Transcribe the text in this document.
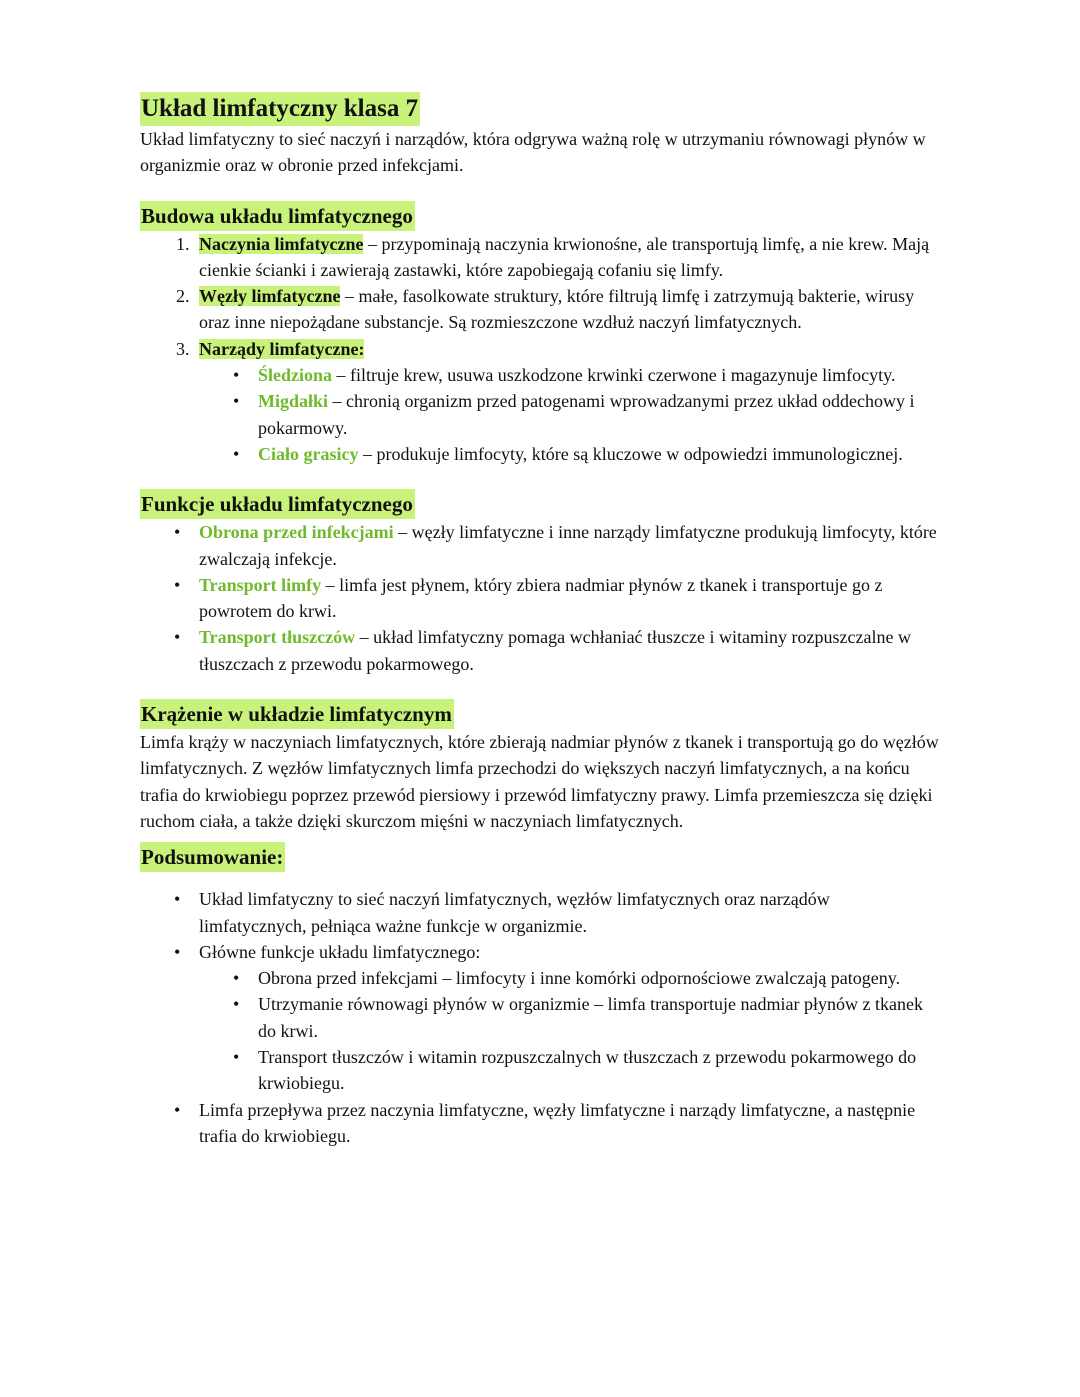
Układ limfatyczny klasa 7

Układ limfatyczny to sieć naczyń i narządów, która odgrywa ważną rolę w utrzymaniu równowagi płynów w organizmie oraz w obronie przed infekcjami.

Budowa układu limfatycznego
1. Naczynia limfatyczne – przypominają naczynia krwionośne, ale transportują limfę, a nie krew. Mają cienkie ścianki i zawierają zastawki, które zapobiegają cofaniu się limfy.
2. Węzły limfatyczne – małe, fasolkowate struktury, które filtrują limfę i zatrzymują bakterie, wirusy oraz inne niepożądane substancje. Są rozmieszczone wzdłuż naczyń limfatycznych.
3. Narządy limfatyczne:
• Śledziona – filtruje krew, usuwa uszkodzone krwinki czerwone i magazynuje limfocyty.
• Migdałki – chronią organizm przed patogenami wprowadzanymi przez układ oddechowy i pokarmowy.
• Ciało grasicy – produkuje limfocyty, które są kluczowe w odpowiedzi immunologicznej.
Funkcje układu limfatycznego
• Obrona przed infekcjami – węzły limfatyczne i inne narządy limfatyczne produkują limfocyty, które zwalczają infekcje.
• Transport limfy – limfa jest płynem, który zbiera nadmiar płynów z tkanek i transportuje go z powrotem do krwi.
• Transport tłuszczów – układ limfatyczny pomaga wchłaniać tłuszcze i witaminy rozpuszczalne w tłuszczach z przewodu pokarmowego.
Krążenie w układzie limfatycznym

Limfa krąży w naczyniach limfatycznych, które zbierają nadmiar płynów z tkanek i transportują go do węzłów limfatycznych. Z węzłów limfatycznych limfa przechodzi do większych naczyń limfatycznych, a na końcu trafia do krwiobiegu poprzez przewód piersiowy i przewód limfatyczny prawy. Limfa przemieszcza się dzięki ruchom ciała, a także dzięki skurczom mięśni w naczyniach limfatycznych.

Podsumowanie:
• Układ limfatyczny to sieć naczyń limfatycznych, węzłów limfatycznych oraz narządów limfatycznych, pełniąca ważne funkcje w organizmie.
• Główne funkcje układu limfatycznego:
• Obrona przed infekcjami – limfocyty i inne komórki odpornościowe zwalczają patogeny.
• Utrzymanie równowagi płynów w organizmie – limfa transportuje nadmiar płynów z tkanek do krwi.
• Transport tłuszczów i witamin rozpuszczalnych w tłuszczach z przewodu pokarmowego do krwiobiegu.
• Limfa przepływa przez naczynia limfatyczne, węzły limfatyczne i narządy limfatyczne, a następnie trafia do krwiobiegu.
